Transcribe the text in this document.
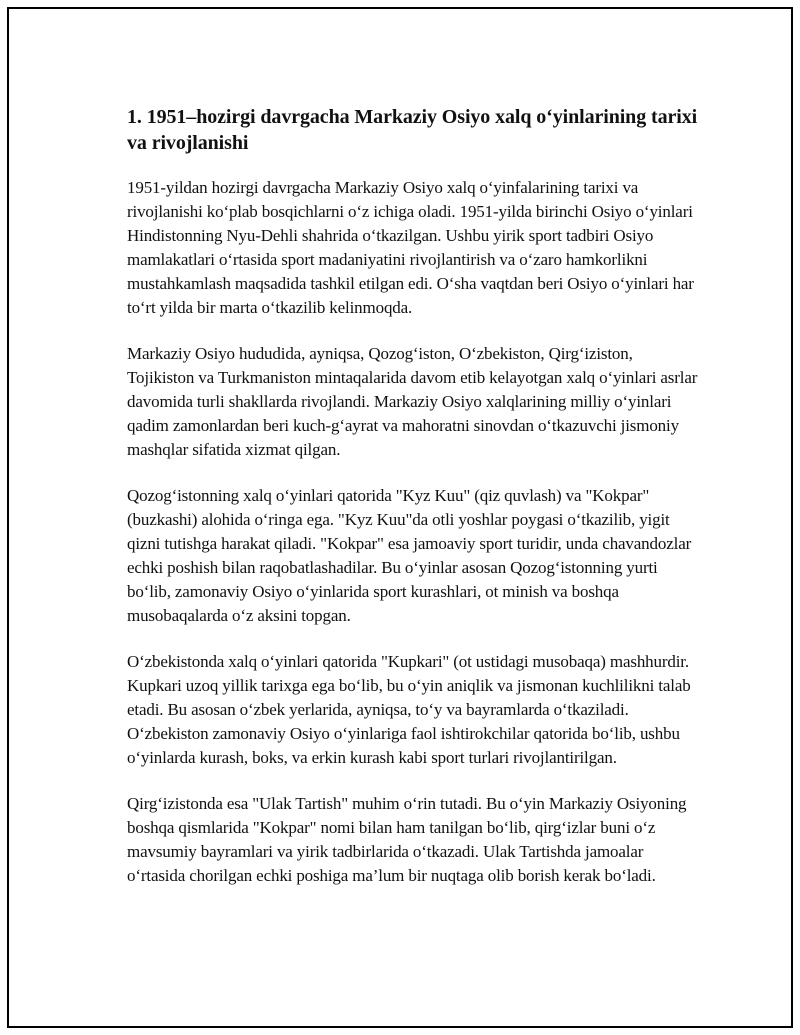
1. 1951–hozirgi davrgacha Markaziy Osiyo xalq o‘yinlarining tarixi va rivojlanishi

1951-yildan hozirgi davrgacha Markaziy Osiyo xalq o‘yinfalarining tarixi va rivojlanishi ko‘plab bosqichlarni o‘z ichiga oladi. 1951-yilda birinchi Osiyo o‘yinlari Hindistonning Nyu-Dehli shahrida o‘tkazilgan. Ushbu yirik sport tadbiri Osiyo mamlakatlari o‘rtasida sport madaniyatini rivojlantirish va o‘zaro hamkorlikni mustahkamlash maqsadida tashkil etilgan edi. O‘sha vaqtdan beri Osiyo o‘yinlari har to‘rt yilda bir marta o‘tkazilib kelinmoqda.

Markaziy Osiyo hududida, ayniqsa, Qozog‘iston, O‘zbekiston, Qirg‘iziston, Tojikiston va Turkmaniston mintaqalarida davom etib kelayotgan xalq o‘yinlari asrlar davomida turli shakllarda rivojlandi. Markaziy Osiyo xalqlarining milliy o‘yinlari qadim zamonlardan beri kuch-g‘ayrat va mahoratni sinovdan o‘tkazuvchi jismoniy mashqlar sifatida xizmat qilgan.

Qozog‘istonning xalq o‘yinlari qatorida "Kyz Kuu" (qiz quvlash) va "Kokpar" (buzkashi) alohida o‘ringa ega. "Kyz Kuu"da otli yoshlar poygasi o‘tkazilib, yigit qizni tutishga harakat qiladi. "Kokpar" esa jamoaviy sport turidir, unda chavandozlar echki poshish bilan raqobatlashadilar. Bu o‘yinlar asosan Qozog‘istonning yurti bo‘lib, zamonaviy Osiyo o‘yinlarida sport kurashlari, ot minish va boshqa musobaqalarda o‘z aksini topgan.

O‘zbekistonda xalq o‘yinlari qatorida "Kupkari" (ot ustidagi musobaqa) mashhurdir. Kupkari uzoq yillik tarixga ega bo‘lib, bu o‘yin aniqlik va jismonan kuchlilikni talab etadi. Bu asosan o‘zbek yerlarida, ayniqsa, to‘y va bayramlarda o‘tkaziladi. O‘zbekiston zamonaviy Osiyo o‘yinlariga faol ishtirokchilar qatorida bo‘lib, ushbu o‘yinlarda kurash, boks, va erkin kurash kabi sport turlari rivojlantirilgan.

Qirg‘izistonda esa "Ulak Tartish" muhim o‘rin tutadi. Bu o‘yin Markaziy Osiyoning boshqa qismlarida "Kokpar" nomi bilan ham tanilgan bo‘lib, qirg‘izlar buni o‘z mavsumiy bayramlari va yirik tadbirlarida o‘tkazadi. Ulak Tartishda jamoalar o‘rtasida chorilgan echki poshiga ma’lum bir nuqtaga olib borish kerak bo‘ladi.
